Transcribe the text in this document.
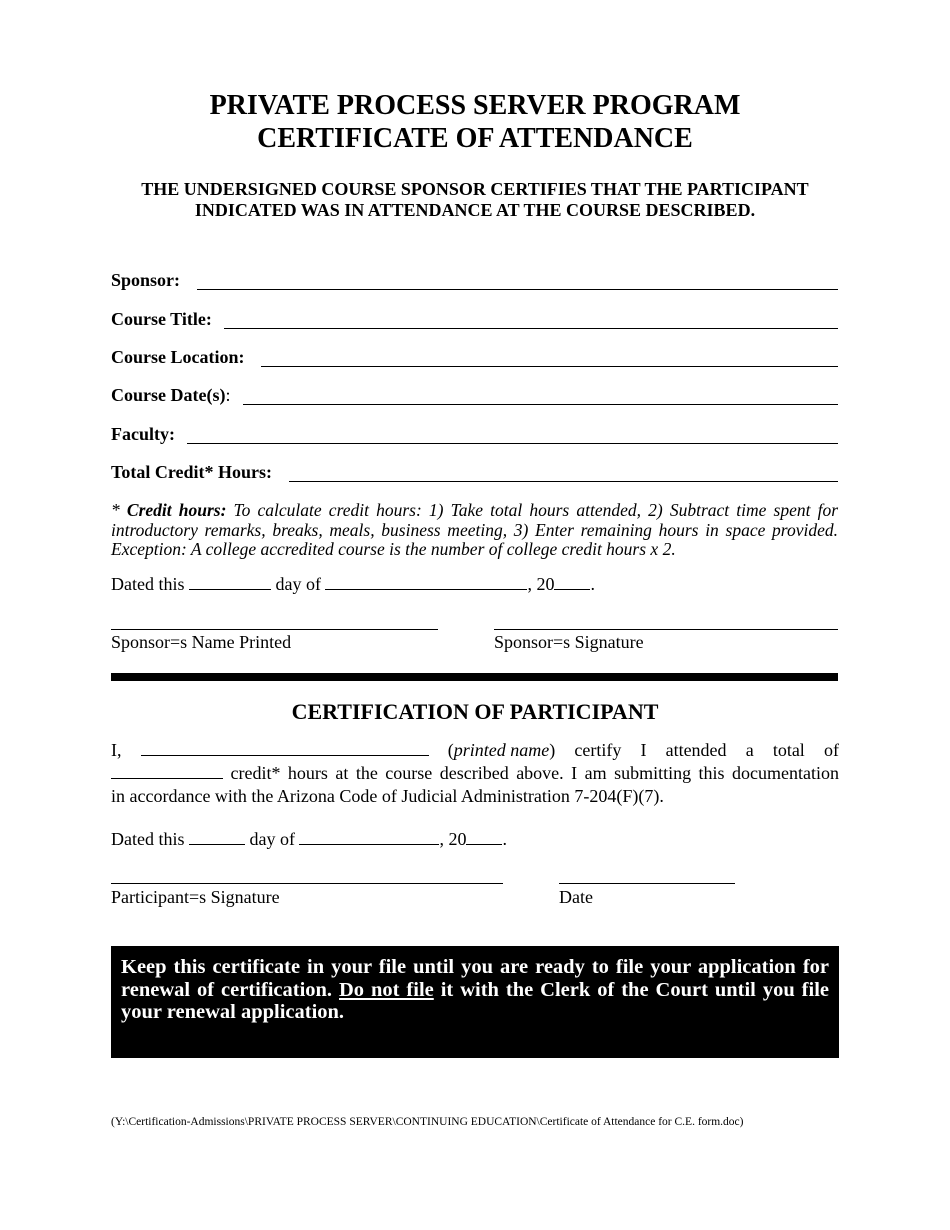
PRIVATE PROCESS SERVER PROGRAM
CERTIFICATE OF ATTENDANCE
THE UNDERSIGNED COURSE SPONSOR CERTIFIES THAT THE PARTICIPANT
INDICATED WAS IN ATTENDANCE AT THE COURSE DESCRIBED.
Sponsor:
Course Title:
Course Location:
Course Date(s):
Faculty:
Total Credit* Hours:
* Credit hours: To calculate credit hours: 1) Take total hours attended, 2) Subtract time spent for introductory remarks, breaks, meals, business meeting, 3) Enter remaining hours in space provided. Exception: A college accredited course is the number of college credit hours x 2.
Dated this	day of	, 20 .
Sponsor=s Name Printed	Sponsor=s Signature
CERTIFICATION OF PARTICIPANT
I,	(printed name) certify I attended a total of
credit* hours at the course described above. I am submitting this documentation
in accordance with the Arizona Code of Judicial Administration 7-204(F)(7).
Dated this	day of	, 20 .
Participant=s Signature	Date
Keep this certificate in your file until you are ready to file your application for renewal of certification. Do not file it with the Clerk of the Court until you file your renewal application.
(Y:\Certification-Admissions\PRIVATE PROCESS SERVER\CONTINUING EDUCATION\Certificate of Attendance for C.E. form.doc)
